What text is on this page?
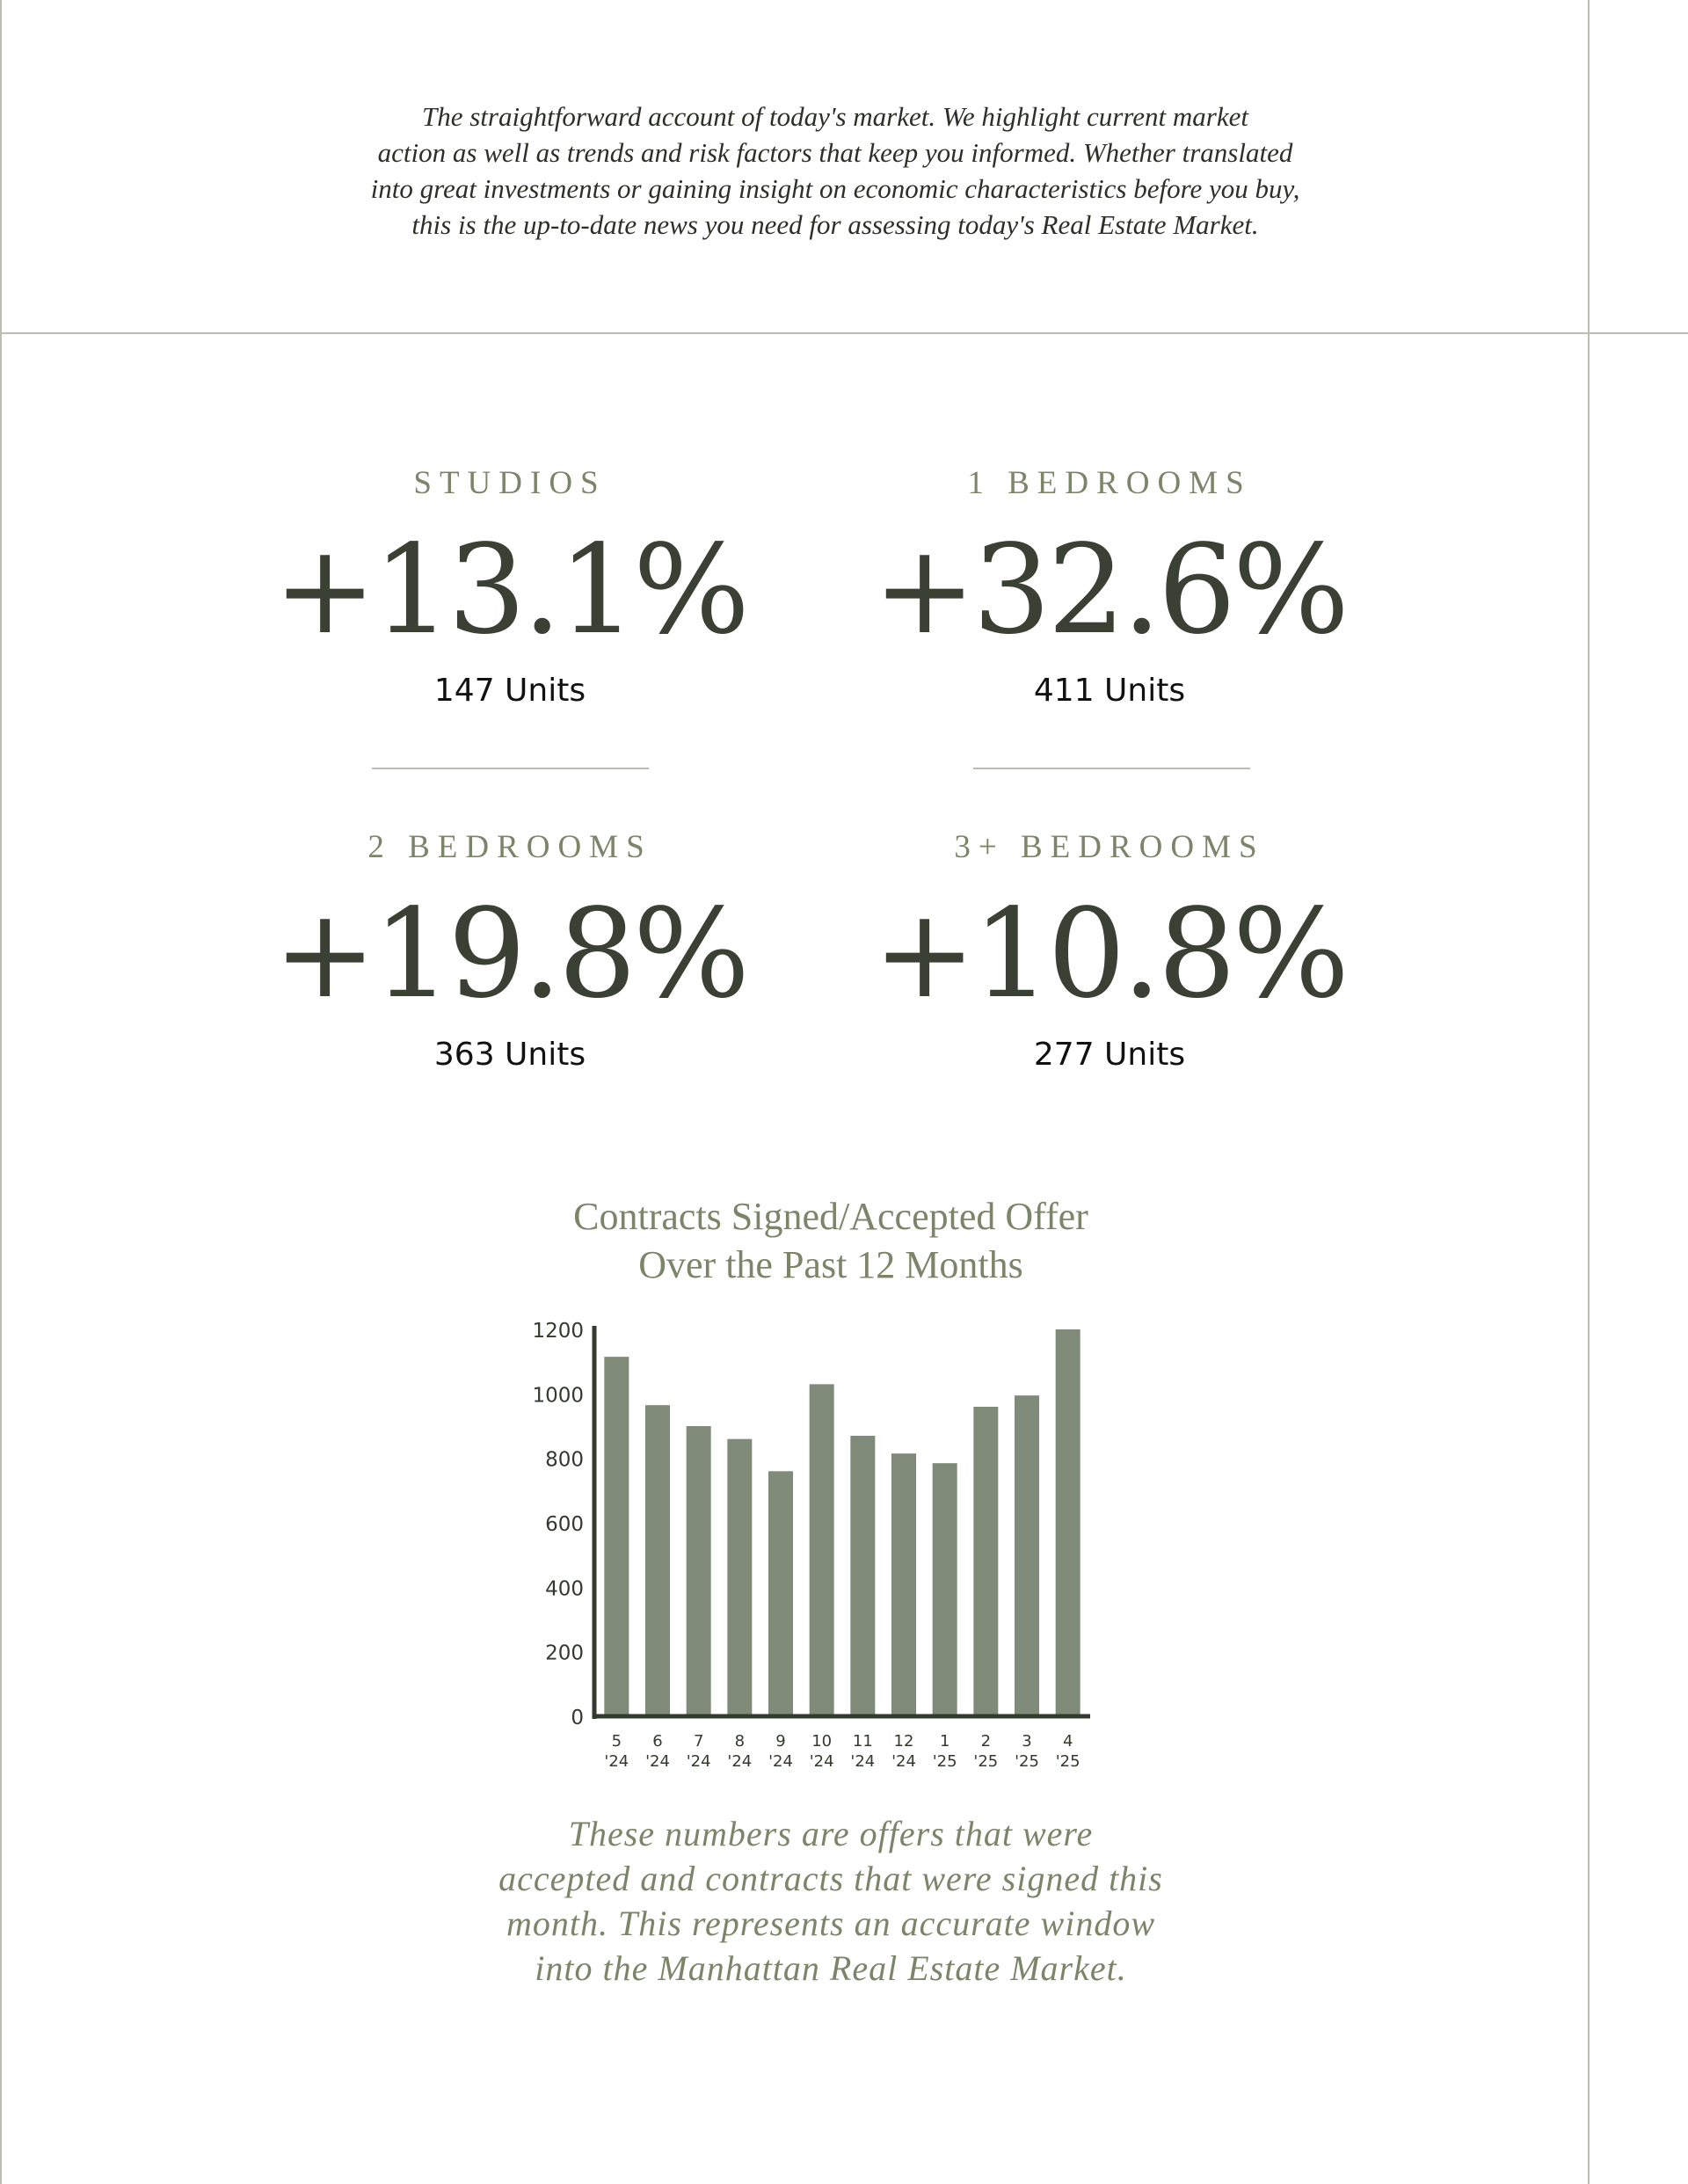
The straightforward account of today's market. We highlight current market
action as well as trends and risk factors that keep you informed. Whether translated
into great investments or gaining insight on economic characteristics before you buy,
this is the up-to-date news you need for assessing today's Real Estate Market.

STUDIOS

+13.1%

147 Units

1 BEDROOMS

+32.6%

411 Units

2 BEDROOMS

+19.8%

363 Units

3+ BEDROOMS

+10.8%

277 Units

Contracts Signed/Accepted Offer
Over the Past 12 Months

0
200
400
600
800
1000
1200
5
'24
6
'24
7
'24
8
'24
9
'24
10
'24
11
'24
12
'24
1
'25
2
'25
3
'25
4
'25

These numbers are offers that were
accepted and contracts that were signed this
month. This represents an accurate window
into the Manhattan Real Estate Market.
